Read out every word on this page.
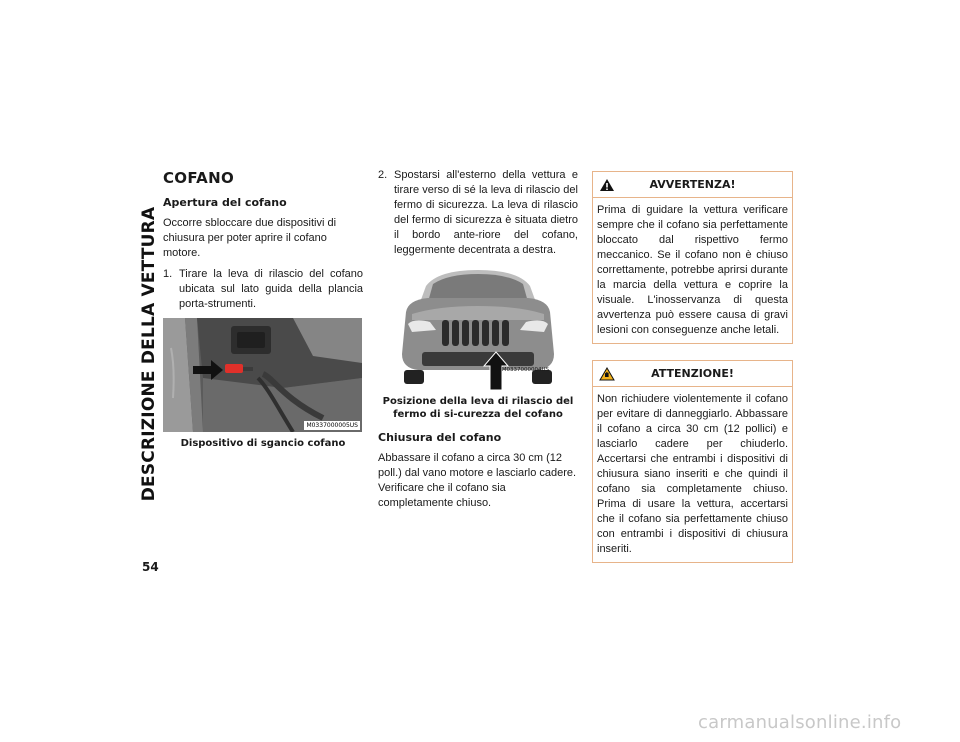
DESCRIZIONE DELLA VETTURA
54
COFANO
Apertura del cofano

Occorre sbloccare due dispositivi di chiusura per poter aprire il cofano motore.

1. Tirare la leva di rilascio del cofano ubicata sul lato guida della plancia porta-strumenti.
M0337000005US
Dispositivo di sgancio cofano
2. Spostarsi all'esterno della vettura e tirare verso di sé la leva di rilascio del fermo di sicurezza. La leva di rilascio del fermo di sicurezza è situata dietro il bordo ante-riore del cofano, leggermente decentrata a destra.
M0337000004US
Posizione della leva di rilascio del fermo di si-curezza del cofano
Chiusura del cofano

Abbassare il cofano a circa 30 cm (12 poll.) dal vano motore e lasciarlo cadere. Verificare che il cofano sia completamente chiuso.

AVVERTENZA!
Prima di guidare la vettura verificare sempre che il cofano sia perfettamente bloccato dal rispettivo fermo meccanico. Se il cofano non è chiuso correttamente, potrebbe aprirsi durante la marcia della vettura e coprire la visuale. L'inosservanza di questa avvertenza può essere causa di gravi lesioni con conseguenze anche letali.
ATTENZIONE!
Non richiudere violentemente il cofano per evitare di danneggiarlo. Abbassare il cofano a circa 30 cm (12 pollici) e lasciarlo cadere per chiuderlo. Accertarsi che entrambi i dispositivi di chiusura siano inseriti e che quindi il cofano sia completamente chiuso. Prima di usare la vettura, accertarsi che il cofano sia perfettamente chiuso con entrambi i dispositivi di chiusura inseriti.
carmanualsonline.info
